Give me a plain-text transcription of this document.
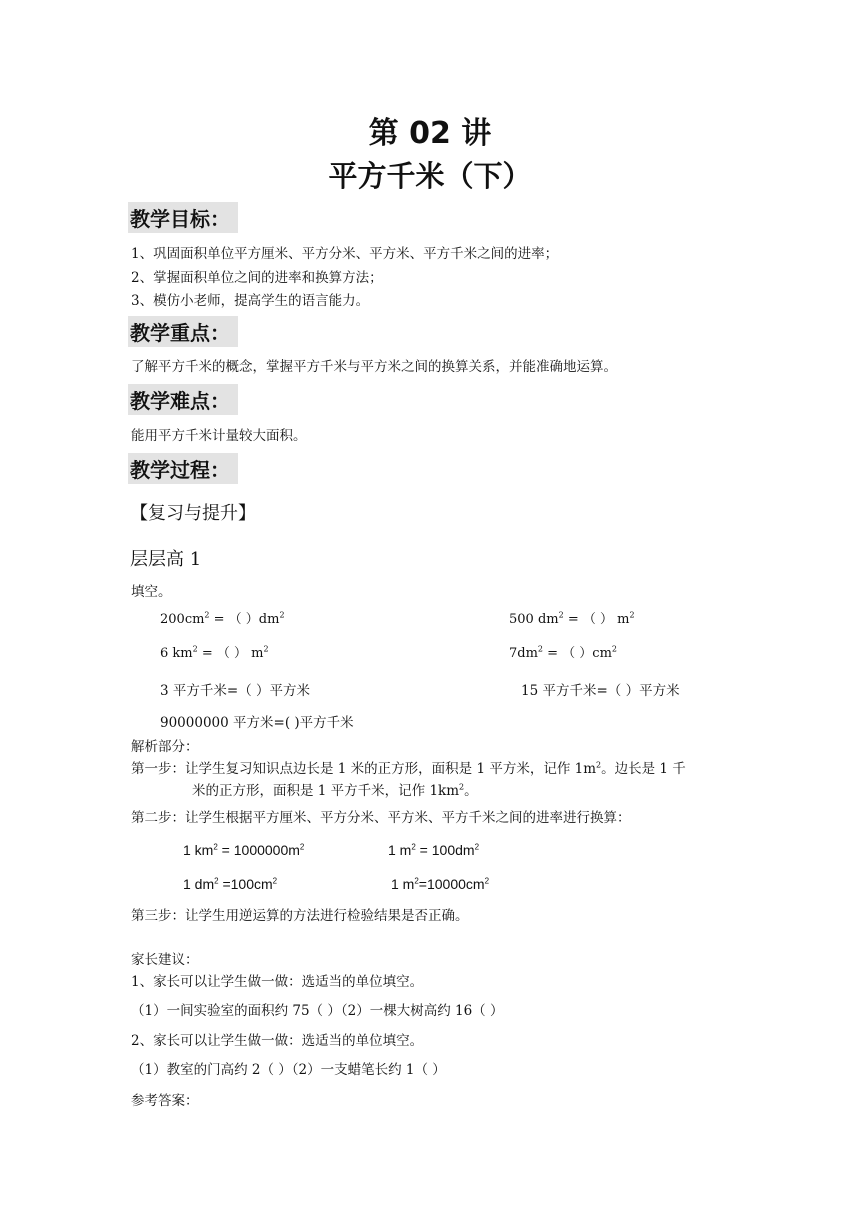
第 02 讲
平方千米（下）
教学目标：
1、巩固面积单位平方厘米、平方分米、平方米、平方千米之间的进率；
2、掌握面积单位之间的进率和换算方法；
3、模仿小老师，提高学生的语言能力。
教学重点：
了解平方千米的概念，掌握平方千米与平方米之间的换算关系，并能准确地运算。
教学难点：
能用平方千米计量较大面积。
教学过程：
【复习与提升】
层层高 1
填空。
$200cm^2$ = （ ）$dm^2$	500 $dm^2$ = （ ） $m^2$
6 $km^2$ = （ ） $m^2$	$7dm^2$ = （ ）$cm^2$
3 平方千米=（ ）平方米	15 平方千米=（ ）平方米
90000000 平方米=( )平方千米
解析部分：
第一步：让学生复习知识点边长是 1 米的正方形，面积是 1 平方米，记作 $1m^2$。边长是 1 千
米的正方形，面积是 1 平方千米，记作 $1km^2$。
第二步：让学生根据平方厘米、平方分米、平方米、平方千米之间的进率进行换算：
1 $km^2 = 1000000m^2$	1 $m^2 = 100dm^2$
1 $dm^2 =100cm^2$	1 $m^2=10000cm^2$
第三步：让学生用逆运算的方法进行检验结果是否正确。
家长建议：
1、家长可以让学生做一做：选适当的单位填空。
（1）一间实验室的面积约 75（ ）（2）一棵大树高约 16（ ）
2、家长可以让学生做一做：选适当的单位填空。
（1）教室的门高约 2（ ）（2）一支蜡笔长约 1（ ）
参考答案：
